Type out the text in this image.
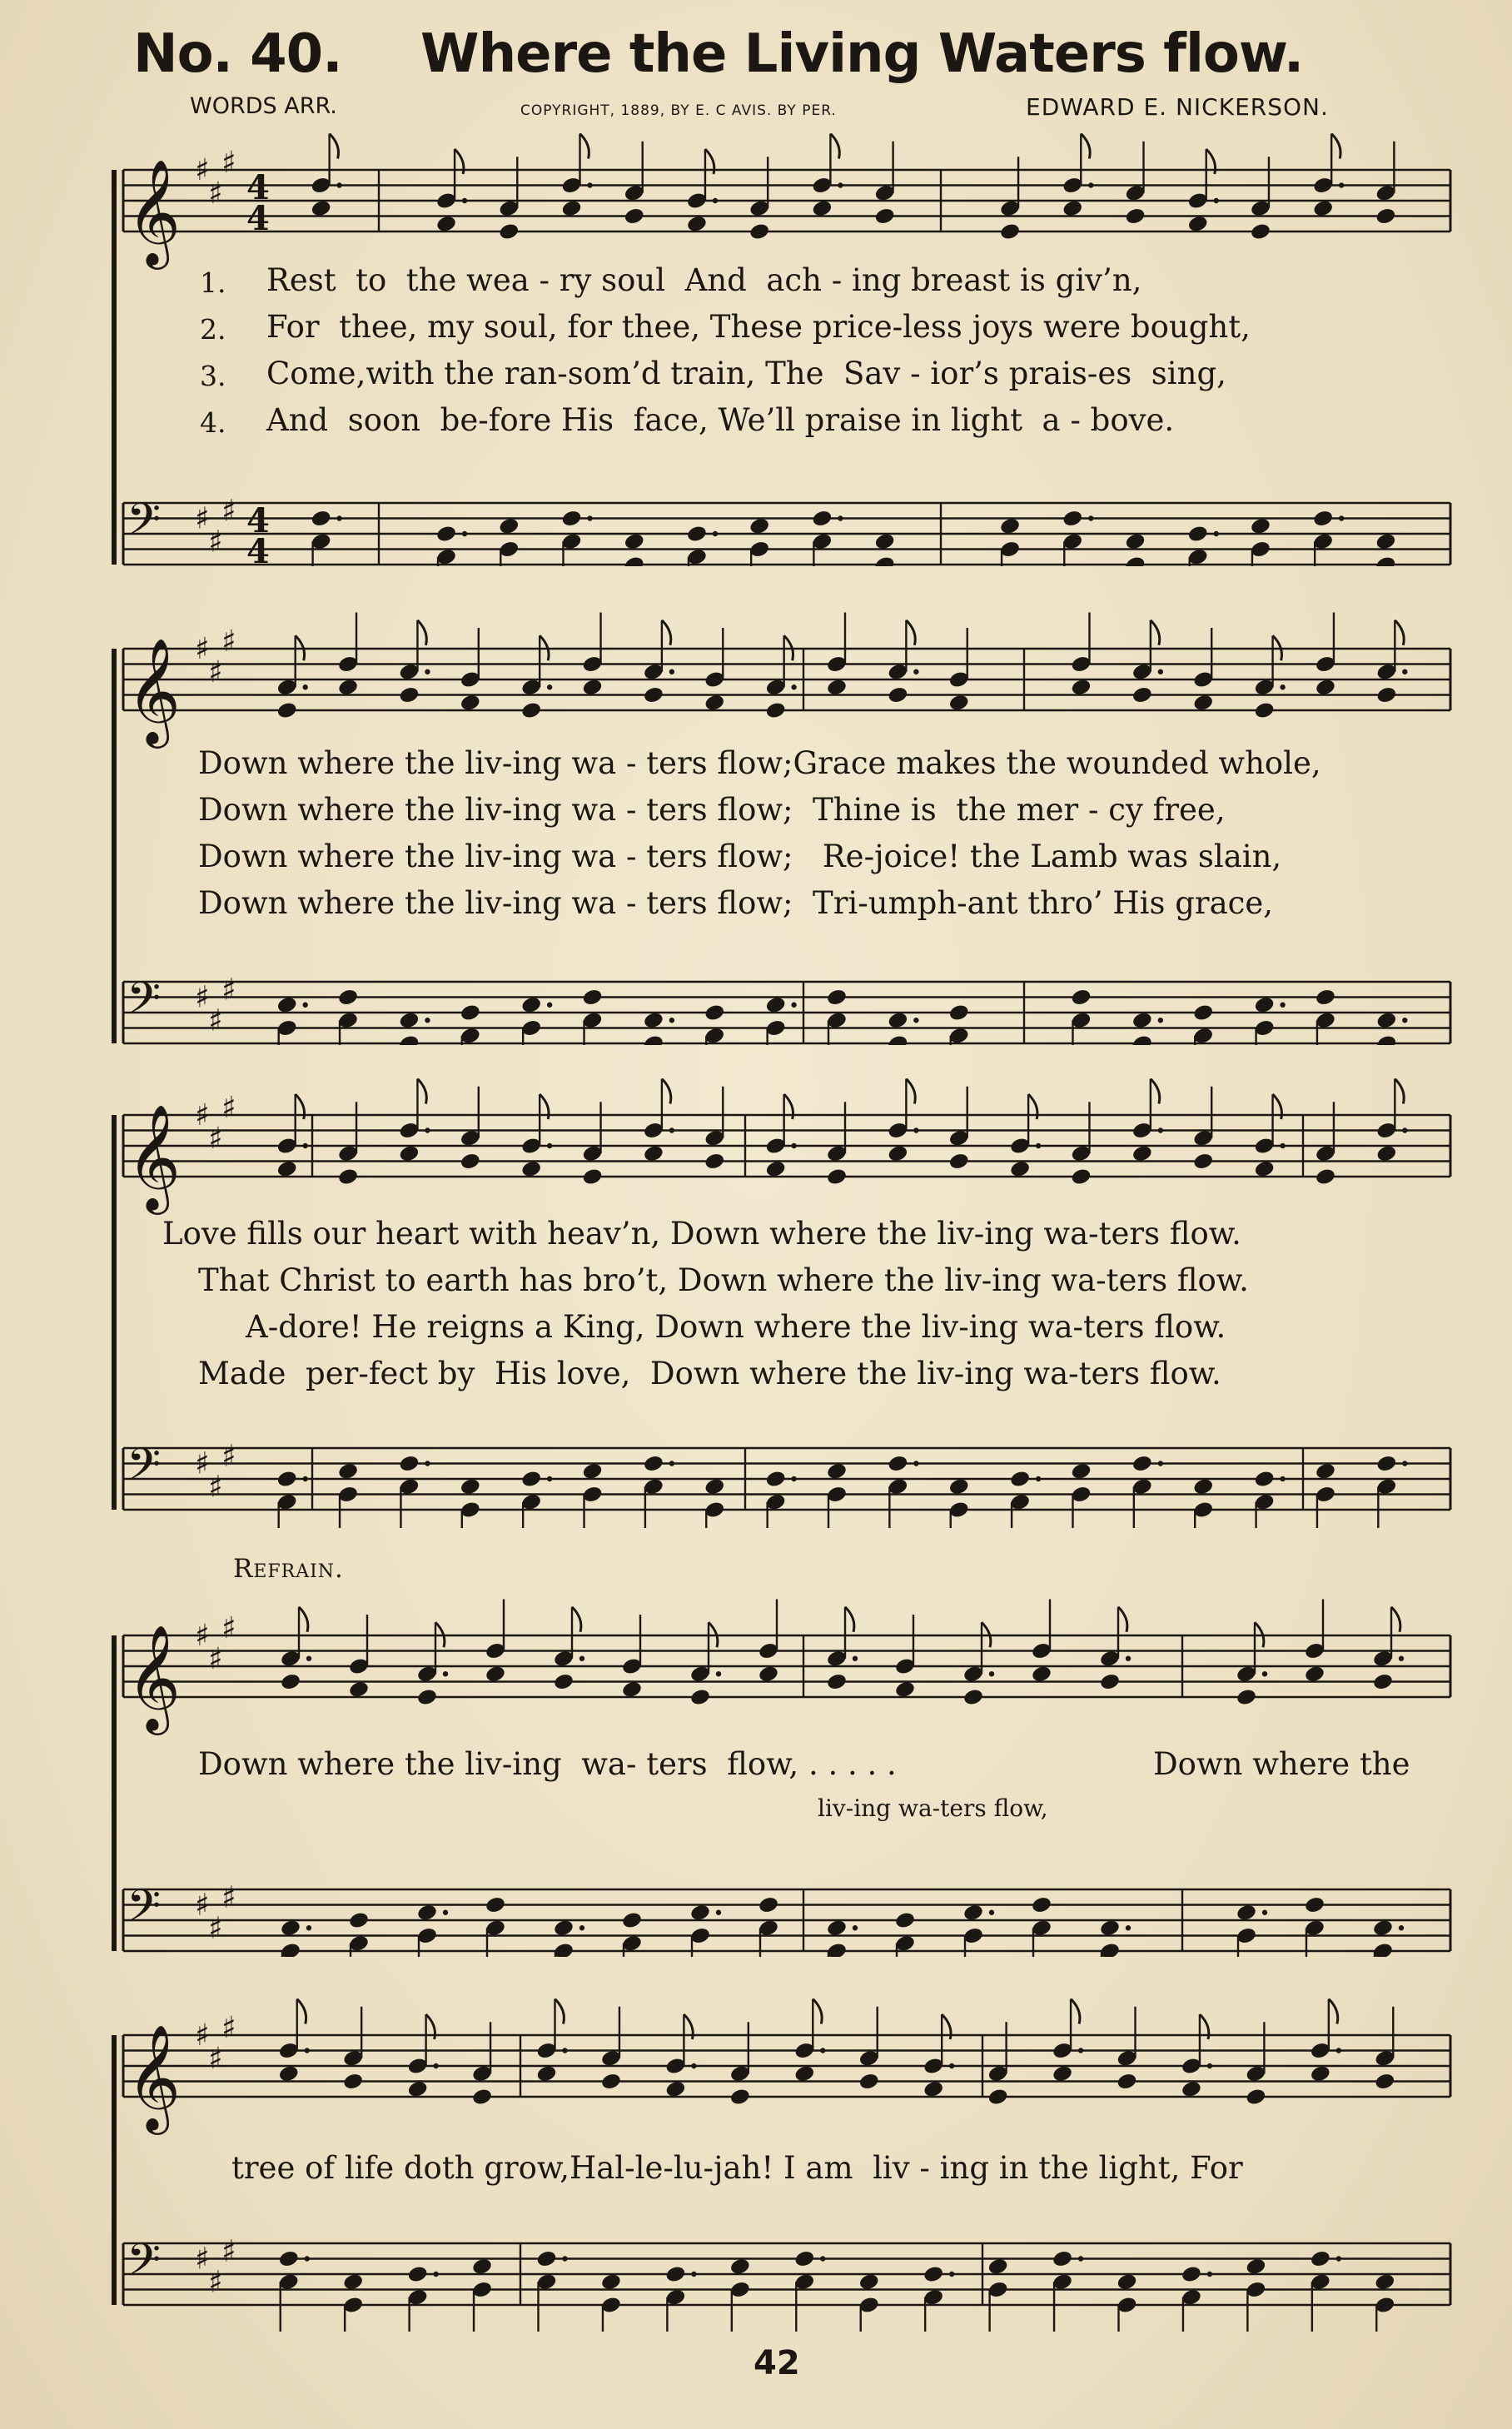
No. 40. Where the Living Waters flow.
WORDS ARR.	COPYRIGHT, 1889, BY E. C AVIS. BY PER.	EDWARD E. NICKERSON.
𝄞 ♯
♯
♯
4
4
𝄢 ♯
♯
♯ 4
4
1. Rest  to  the wea - ry soul  And  ach - ing breast is giv’n,
2. For  thee, my soul, for thee, These price-less joys were bought,
3. Come,with the ran-som’d train, The  Sav - ior’s prais-es  sing,
4. And  soon  be-fore His  face, We’ll praise in light  a - bove.
𝄞 ♯
♯
♯
𝄢 ♯
♯
♯
Down where the liv-ing wa - ters flow;Grace makes the wounded whole,
Down where the liv-ing wa - ters flow;  Thine is  the mer - cy free,
Down where the liv-ing wa - ters flow;   Re-joice! the Lamb was slain,
Down where the liv-ing wa - ters flow;  Tri-umph-ant thro’ His grace,
𝄞 ♯
♯
♯
𝄢 ♯
♯
♯
Love fills our heart with heav’n, Down where the liv-ing wa-ters flow.
That Christ to earth has bro’t, Down where the liv-ing wa-ters flow.
A-dore! He reigns a King, Down where the liv-ing wa-ters flow.
Made  per-fect by  His love,  Down where the liv-ing wa-ters flow.
Refrain.
𝄞 ♯
♯
♯
𝄢 ♯
♯
♯
Down where the liv-ing  wa- ters  flow, . . . . .	Down where the
liv-ing wa-ters flow,
𝄞 ♯
♯
♯
𝄢 ♯
♯
♯
tree of life doth grow,Hal-le-lu-jah! I am  liv - ing in the light, For
42
